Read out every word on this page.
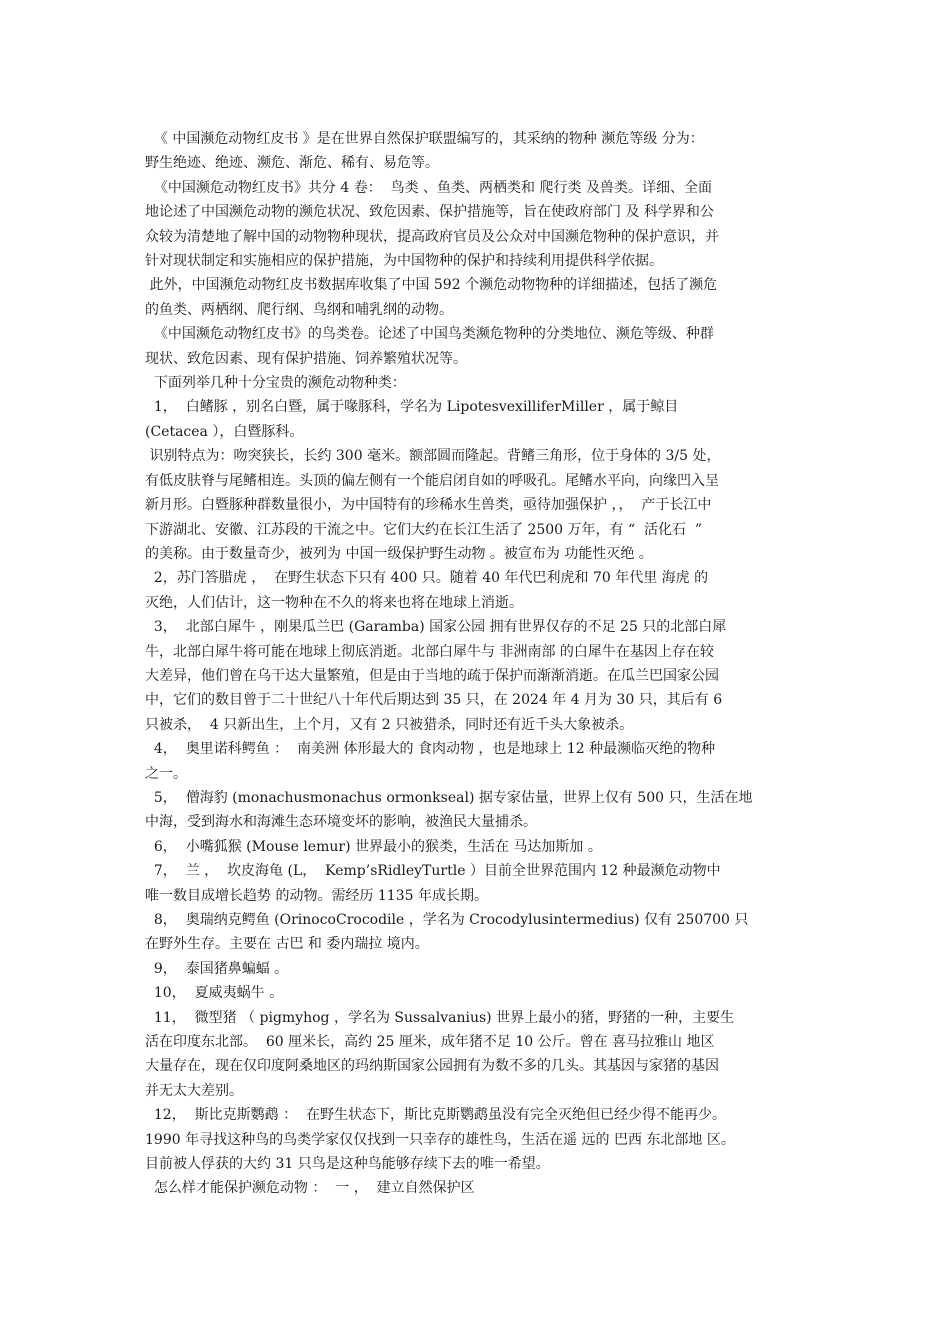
《 中国濒危动物红皮书 》是在世界自然保护联盟编写的，其采纳的物种 濒危等级 分为：
野生绝迹、绝迹、濒危、渐危、稀有、易危等。
《中国濒危动物红皮书》共分 4 卷：  鸟类 、鱼类、两栖类和 爬行类 及兽类。详细、全面
地论述了中国濒危动物的濒危状况、致危因素、保护措施等，旨在使政府部门 及 科学界和公
众较为清楚地了解中国的动物物种现状，提高政府官员及公众对中国濒危物种的保护意识，并
针对现状制定和实施相应的保护措施，为中国物种的保护和持续利用提供科学依据。
此外，中国濒危动物红皮书数据库收集了中国 592 个濒危动物物种的详细描述，包括了濒危
的鱼类、两栖纲、爬行纲、鸟纲和哺乳纲的动物。
《中国濒危动物红皮书》的鸟类卷。论述了中国鸟类濒危物种的分类地位、濒危等级、种群
现状、致危因素、现有保护措施、饲养繁殖状况等。
下面列举几种十分宝贵的濒危动物种类：
1，  白鳍豚 ，别名白暨，属于喙豚科，学名为 LipotesvexilliferMiller ，属于鲸目
(Cetacea ），白暨豚科。
识别特点为：吻突狭长，长约 300 毫米。额部圆而隆起。背鳍三角形，位于身体的 3/5 处，
有低皮肤脊与尾鳍相连。头顶的偏左侧有一个能启闭自如的呼吸孔。尾鳍水平向，向缘凹入呈
新月形。白暨豚种群数量很小，为中国特有的珍稀水生兽类，亟待加强保护 ，，  产于长江中
下游湖北、安徽、江苏段的干流之中。它们大约在长江生活了 2500 万年，有 “  活化石  ”
的美称。由于数量奇少，被列为 中国一级保护野生动物 。被宣布为 功能性灭绝 。
2，苏门答腊虎 ，  在野生状态下只有 400 只。随着 40 年代巴利虎和 70 年代里 海虎 的
灭绝，人们估计，这一物种在不久的将来也将在地球上消逝。
3，  北部白犀牛 ，刚果瓜兰巴 (Garamba) 国家公园 拥有世界仅存的不足 25 只的北部白犀
牛，北部白犀牛将可能在地球上彻底消逝。北部白犀牛与 非洲南部 的白犀牛在基因上存在较
大差异，他们曾在乌干达大量繁殖，但是由于当地的疏于保护而渐渐消逝。在瓜兰巴国家公园
中，它们的数目曾于二十世纪八十年代后期达到 35 只，在 2024 年 4 月为 30 只，其后有 6
只被杀，  4 只新出生，上个月，又有 2 只被猎杀，同时还有近千头大象被杀。
4，  奥里诺科鳄鱼 ：  南美洲 体形最大的 食肉动物 ，也是地球上 12 种最濒临灭绝的物种
之一。
5，  僧海豹 (monachusmonachus ormonkseal) 据专家估量，世界上仅有 500 只，生活在地
中海，受到海水和海滩生态环境变坏的影响，被渔民大量捕杀。
6，  小嘴狐猴 (Mouse lemur) 世界最小的猴类，生活在 马达加斯加 。
7，  兰 ，  坎皮海龟 (L，  Kemp’sRidleyTurtle ）目前全世界范围内 12 种最濒危动物中
唯一数目成增长趋势 的动物。需经历 1135 年成长期。
8，  奥瑞纳克鳄鱼 (OrinocoCrocodile ，学名为 Crocodylusintermedius) 仅有 250700 只
在野外生存。主要在 古巴 和 委内瑞拉 境内。
9，  泰国猪鼻蝙蝠 。
10，  夏威夷蜗牛 。
11，  微型猪 （ pigmyhog ，学名为 Sussalvanius) 世界上最小的猪，野猪的一种，主要生
活在印度东北部。  60 厘米长，高约 25 厘米，成年猪不足 10 公斤。曾在 喜马拉雅山 地区
大量存在，现在仅印度阿桑地区的玛纳斯国家公园拥有为数不多的几头。其基因与家猪的基因
并无太大差别。
12，  斯比克斯鹦鹉 ：  在野生状态下，斯比克斯鹦鹉虽没有完全灭绝但已经少得不能再少。
1990 年寻找这种鸟的鸟类学家仅仅找到一只幸存的雄性鸟，生活在遥 远的 巴西 东北部地 区。
目前被人俘获的大约 31 只鸟是这种鸟能够存续下去的唯一希望。
怎么样才能保护濒危动物 ：  一 ，  建立自然保护区
